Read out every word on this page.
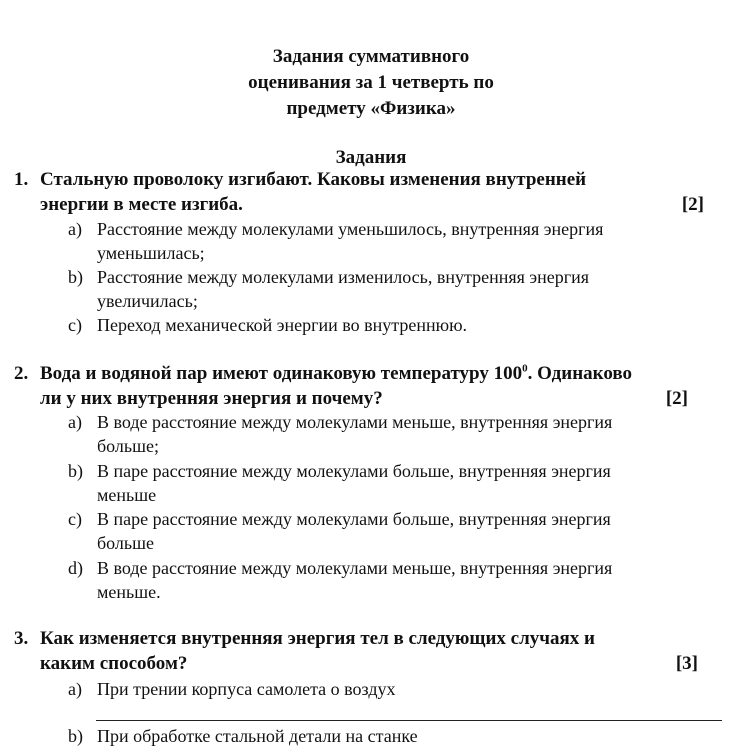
Задания суммативного
оценивания за 1 четверть по
предмету «Физика»
Задания
1. Стальную проволоку изгибают. Каковы изменения внутренней
энергии в месте изгиба.	[2]
a) Расстояние между молекулами уменьшилось, внутренняя энергия
уменьшилась;
b) Расстояние между молекулами изменилось, внутренняя энергия
увеличилась;
c) Переход механической энергии во внутреннюю.
2. Вода и водяной пар имеют одинаковую температуру $100^0$. Одинаково
ли у них внутренняя энергия и почему?	[2]
a) В воде расстояние между молекулами меньше, внутренняя энергия
больше;
b) В паре расстояние между молекулами больше, внутренняя энергия
меньше
c) В паре расстояние между молекулами больше, внутренняя энергия
больше
d) В воде расстояние между молекулами меньше, внутренняя энергия
меньше.
3. Как изменяется внутренняя энергия тел в следующих случаях и
каким способом?	[3]
a) При трении корпуса самолета о воздух
b) При обработке стальной детали на станке
